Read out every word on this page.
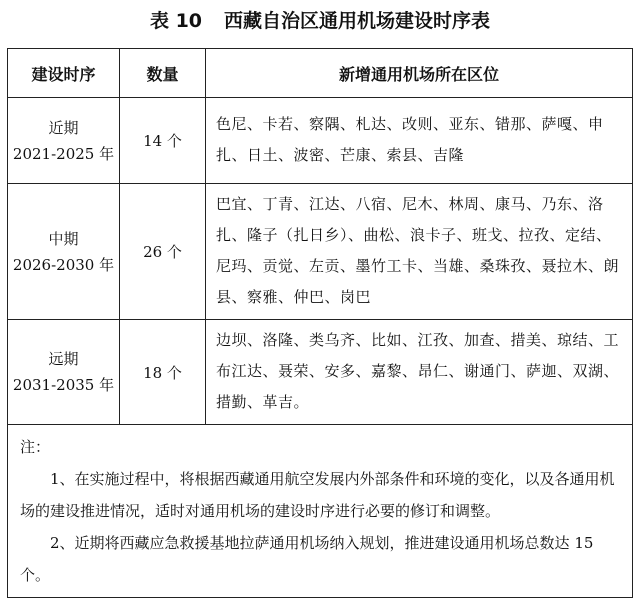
表 10 西藏自治区通用机场建设时序表
建设时序	数量	新增通用机场所在区位

近期
2021-2025 年	14 个	色尼、卡若、察隅、札达、改则、亚东、错那、萨嘎、申扎、日土、波密、芒康、索县、吉隆

中期
2026-2030 年	26 个	巴宜、丁青、江达、八宿、尼木、林周、康马、乃东、洛扎、隆子（扎日乡）、曲松、浪卡子、班戈、拉孜、定结、尼玛、贡觉、左贡、墨竹工卡、当雄、桑珠孜、聂拉木、朗县、察雅、仲巴、岗巴

远期
2031-2035 年	18 个	边坝、洛隆、类乌齐、比如、江孜、加查、措美、琼结、工布江达、聂荣、安多、嘉黎、昂仁、谢通门、萨迦、双湖、措勤、革吉。

注：

1、在实施过程中，将根据西藏通用航空发展内外部条件和环境的变化，以及各通用机场的建设推进情况，适时对通用机场的建设时序进行必要的修订和调整。

2、近期将西藏应急救援基地拉萨通用机场纳入规划，推进建设通用机场总数达 15 个。		
